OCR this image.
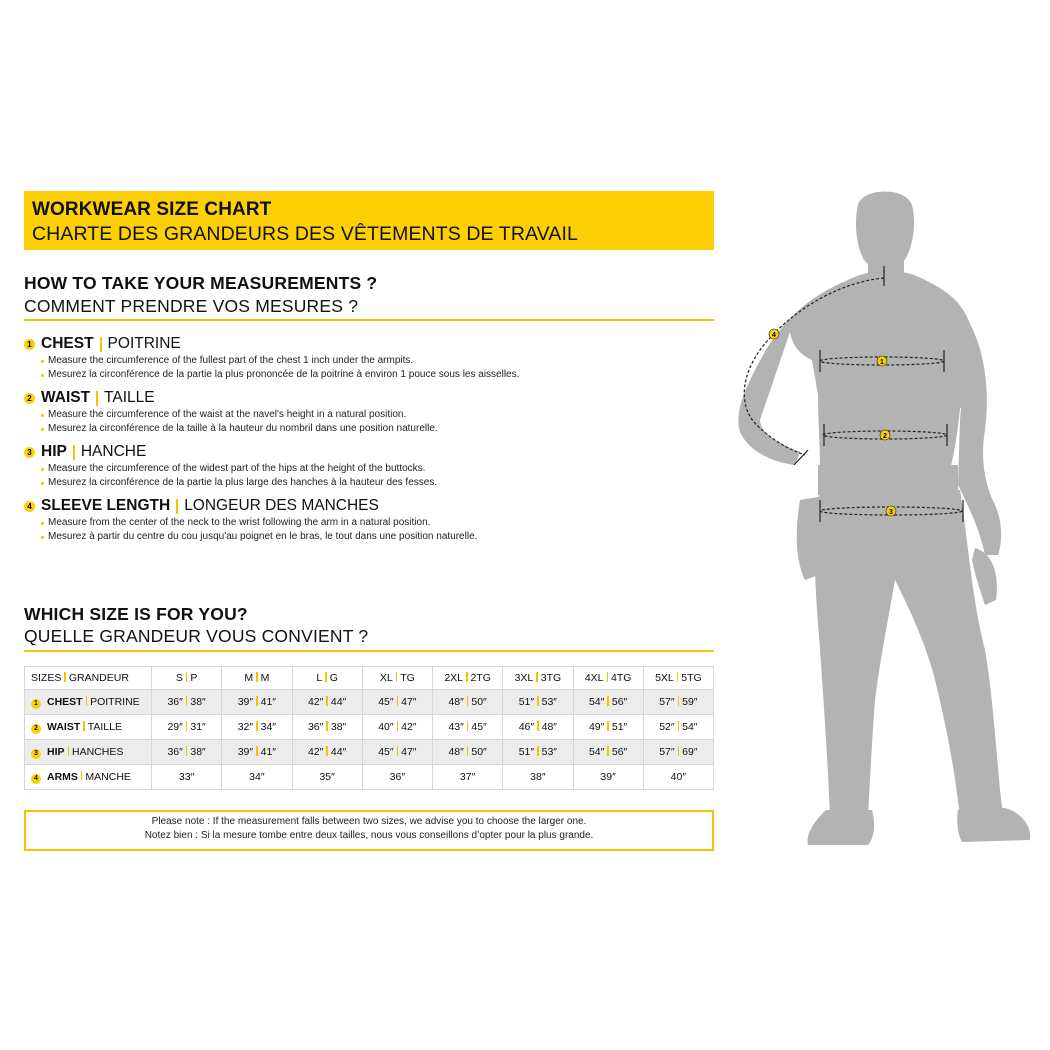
WORKWEAR SIZE CHART
CHARTE DES GRANDEURS DES VÊTEMENTS DE TRAVAIL
HOW TO TAKE YOUR MEASUREMENTS ?
COMMENT PRENDRE VOS MESURES ?
1 CHEST POITRINE
Measure the circumference of the fullest part of the chest 1 inch under the armpits.
Mesurez la circonférence de la partie la plus prononcée de la poitrine à environ 1 pouce sous les aisselles.
2 WAIST TAILLE
Measure the circumference of the waist at the navel's height in a natural position.
Mesurez la circonférence de la taille à la hauteur du nombril dans une position naturelle.
3 HIP HANCHE
Measure the circumference of the widest part of the hips at the height of the buttocks.
Mesurez la circonférence de la partie la plus large des hanches à la hauteur des fesses.
4 SLEEVE LENGTH LONGEUR DES MANCHES
Measure from the center of the neck to the wrist following the arm in a natural position.
Mesurez à partir du centre du cou jusqu'au poignet en le bras, le tout dans une position naturelle.
WHICH SIZE IS FOR YOU?
QUELLE GRANDEUR VOUS CONVIENT ?
SIZES GRANDEUR	S P	M M	L G	XL TG	2XL 2TG	3XL 3TG	4XL 4TG	5XL 5TG
1 CHEST POITRINE	36″ 38″	39″ 41″	42″ 44″	45″ 47″	48″ 50″	51″ 53″	54″ 56″	57″ 59″
2 WAIST TAILLE	29″ 31″	32″ 34″	36″ 38″	40″ 42″	43″ 45″	46″ 48″	49″ 51″	52″ 54″
3 HIP HANCHES	36″ 38″	39″ 41″	42″ 44″	45″ 47″	48″ 50″	51″ 53″	54″ 56″	57″ 69″
4 ARMS MANCHE	33″	34″	35″	36″	37″	38″	39″	40″
Please note : If the measurement falls between two sizes, we advise you to choose the larger one.
Notez bien : Si la mesure tombe entre deux tailles, nous vous conseillons d’opter pour la plus grande.
1
2
3
4
